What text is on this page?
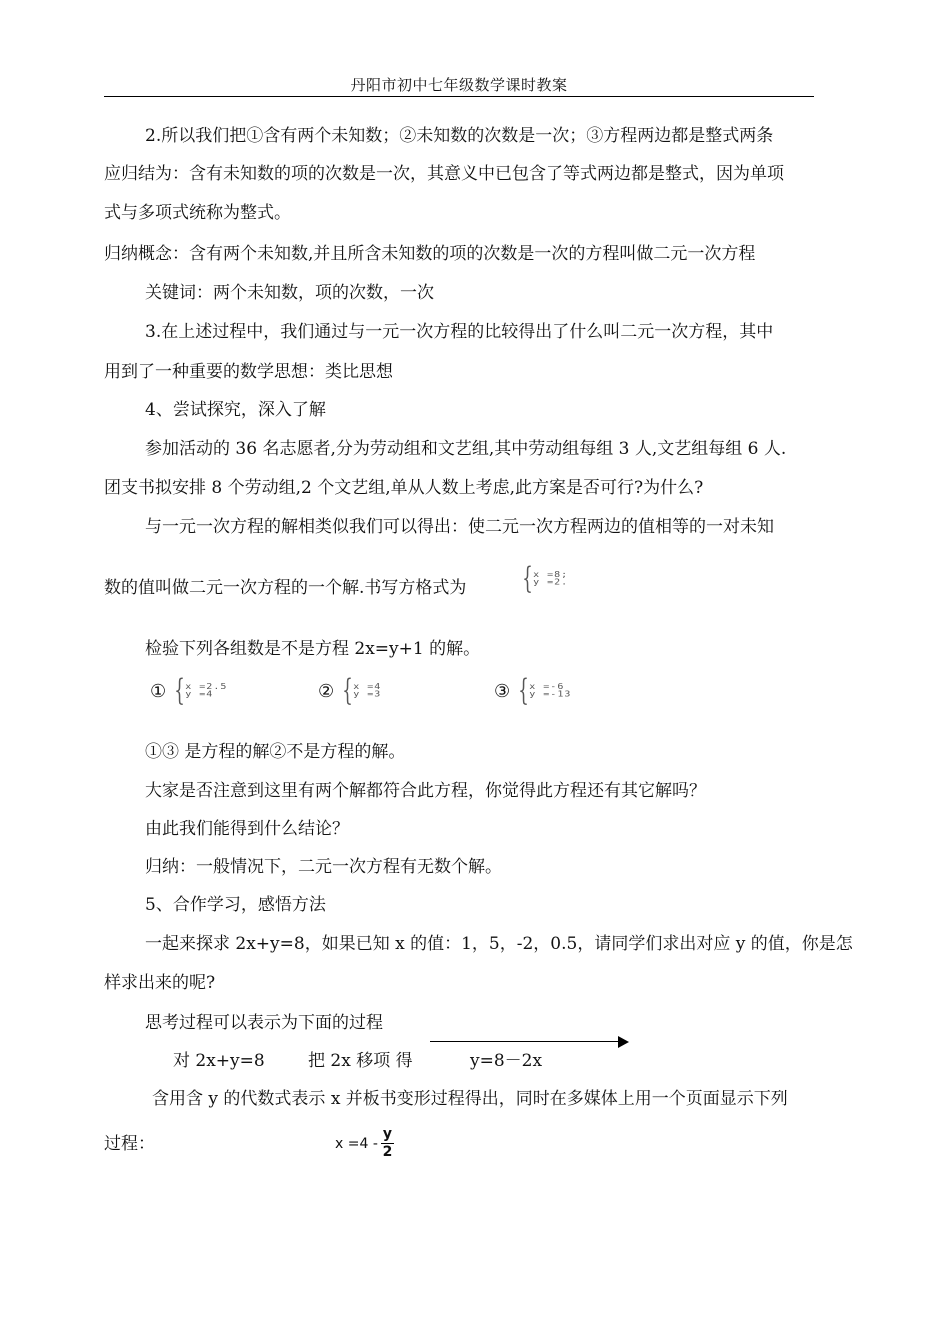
丹阳市初中七年级数学课时教案
2.所以我们把①含有两个未知数；②未知数的次数是一次；③方程两边都是整式两条
应归结为：含有未知数的项的次数是一次，其意义中已包含了等式两边都是整式，因为单项
式与多项式统称为整式。
归纳概念：含有两个未知数,并且所含未知数的项的次数是一次的方程叫做二元一次方程
关键词：两个未知数，项的次数，一次
3.在上述过程中，我们通过与一元一次方程的比较得出了什么叫二元一次方程，其中
用到了一种重要的数学思想：类比思想
4、尝试探究，深入了解
参加活动的 36 名志愿者,分为劳动组和文艺组,其中劳动组每组 3 人,文艺组每组 6 人.
团支书拟安排 8 个劳动组,2 个文艺组,单从人数上考虑,此方案是否可行?为什么?
与一元一次方程的解相类似我们可以得出：使二元一次方程两边的值相等的一对未知
数的值叫做二元一次方程的一个解.书写方格式为 { x =8;
y =2.
检验下列各组数是不是方程 2x=y+1 的解。
① { x =2.5
y =4	② { x =4
y =3	③ { x =-6
y =-13
①③ 是方程的解②不是方程的解。
大家是否注意到这里有两个解都符合此方程，你觉得此方程还有其它解吗？
由此我们能得到什么结论？
归纳：一般情况下，二元一次方程有无数个解。
5、合作学习，感悟方法
一起来探求 2x+y=8，如果已知 x 的值：1，5，-2，0.5，请同学们求出对应 y 的值，你是怎
样求出来的呢?
思考过程可以表示为下面的过程
对 2x+y=8	把 2x 移项 得	y=8－2x
含用含 y 的代数式表示 x 并板书变形过程得出，同时在多媒体上用一个页面显示下列
过程：	$x =4 - \frac{y}{2}$
